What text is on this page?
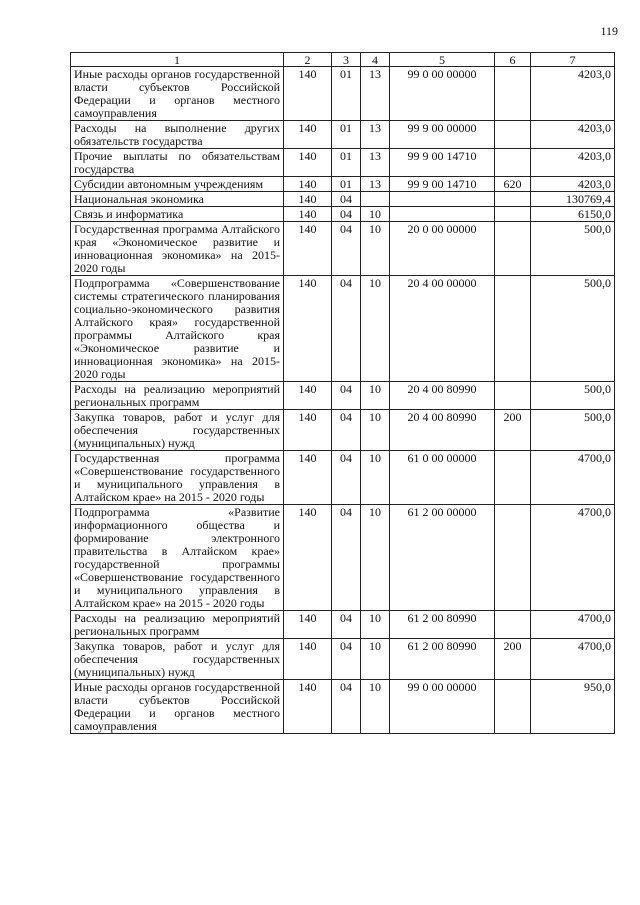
119
1	2	3	4	5	6	7
Иные расходы органов государственной власти субъектов Российской Федерации и органов местного самоуправления	140	01	13	99 0 00 00000		4203,0
Расходы на выполнение других обязательств государства	140	01	13	99 9 00 00000		4203,0
Прочие выплаты по обязательствам государства	140	01	13	99 9 00 14710		4203,0
Субсидии автономным учреждениям	140	01	13	99 9 00 14710	620	4203,0
Национальная экономика	140	04				130769,4
Связь и информатика	140	04	10			6150,0
Государственная программа Алтайского края «Экономическое развитие и инновационная экономика» на 2015-2020 годы	140	04	10	20 0 00 00000		500,0
Подпрограмма «Совершенствование системы стратегического планирования социально-экономического развития Алтайского края» государственной программы Алтайского края «Экономическое развитие и инновационная экономика» на 2015-2020 годы	140	04	10	20 4 00 00000		500,0
Расходы на реализацию мероприятий региональных программ	140	04	10	20 4 00 80990		500,0
Закупка товаров, работ и услуг для обеспечения государственных (муниципальных) нужд	140	04	10	20 4 00 80990	200	500,0
Государственная программа «Совершенствование государственного и муниципального управления в Алтайском крае» на 2015 - 2020 годы	140	04	10	61 0 00 00000		4700,0
Подпрограмма «Развитие информационного общества и формирование электронного правительства в Алтайском крае» государственной программы «Совершенствование государственного и муниципального управления в Алтайском крае» на 2015 - 2020 годы	140	04	10	61 2 00 00000		4700,0
Расходы на реализацию мероприятий региональных программ	140	04	10	61 2 00 80990		4700,0
Закупка товаров, работ и услуг для обеспечения государственных (муниципальных) нужд	140	04	10	61 2 00 80990	200	4700,0
Иные расходы органов государственной власти субъектов Российской Федерации и органов местного самоуправления	140	04	10	99 0 00 00000		950,0
